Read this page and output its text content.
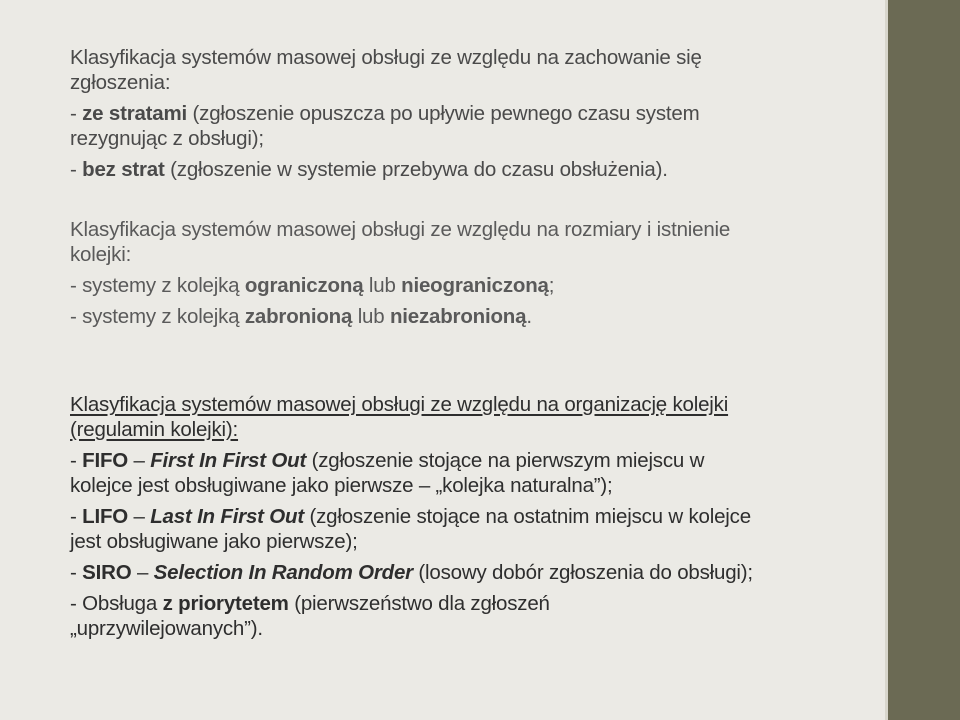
Klasyfikacja systemów masowej obsługi ze względu na zachowanie się
zgłoszenia:
- ze stratami (zgłoszenie opuszcza po upływie pewnego czasu system
rezygnując z obsługi);
- bez strat (zgłoszenie w systemie przebywa do czasu obsłużenia).
Klasyfikacja systemów masowej obsługi ze względu na rozmiary i istnienie
kolejki:
- systemy z kolejką ograniczoną lub nieograniczoną;
- systemy z kolejką zabronioną lub niezabronioną.
Klasyfikacja systemów masowej obsługi ze względu na organizację kolejki
(regulamin kolejki):
- FIFO – First In First Out (zgłoszenie stojące na pierwszym miejscu w
kolejce jest obsługiwane jako pierwsze – „kolejka naturalna”);
- LIFO – Last In First Out (zgłoszenie stojące na ostatnim miejscu w kolejce
jest obsługiwane jako pierwsze);
- SIRO – Selection In Random Order (losowy dobór zgłoszenia do obsługi);
- Obsługa z priorytetem (pierwszeństwo dla zgłoszeń
„uprzywilejowanych”).
